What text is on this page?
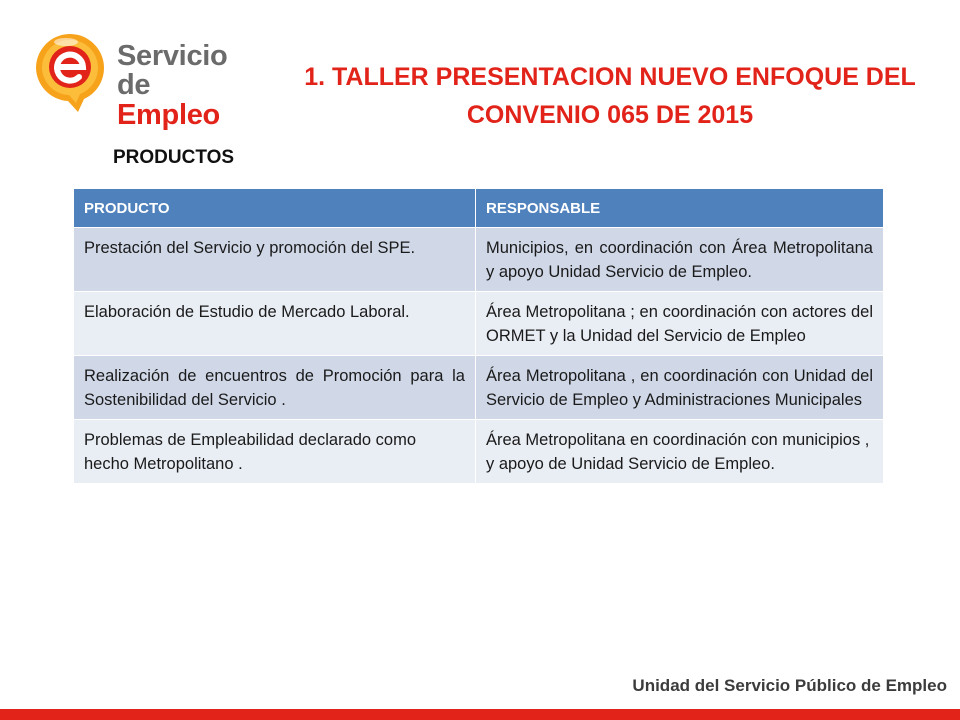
Servicio
de Empleo
1. TALLER PRESENTACION NUEVO ENFOQUE DEL
CONVENIO 065 DE 2015
PRODUCTOS
PRODUCTO	RESPONSABLE
Prestación del Servicio y promoción del SPE.	Municipios, en coordinación con Área Metropolitana y apoyo Unidad Servicio de Empleo.
Elaboración de Estudio de Mercado Laboral.	Área Metropolitana ; en coordinación con actores del ORMET y la Unidad del Servicio de Empleo
Realización de encuentros de Promoción para la Sostenibilidad del Servicio .	Área Metropolitana , en coordinación con Unidad del Servicio de Empleo y Administraciones Municipales
Problemas de Empleabilidad declarado como hecho Metropolitano .	Área Metropolitana en coordinación con municipios , y apoyo de Unidad Servicio de Empleo.
Unidad del Servicio Público de Empleo
